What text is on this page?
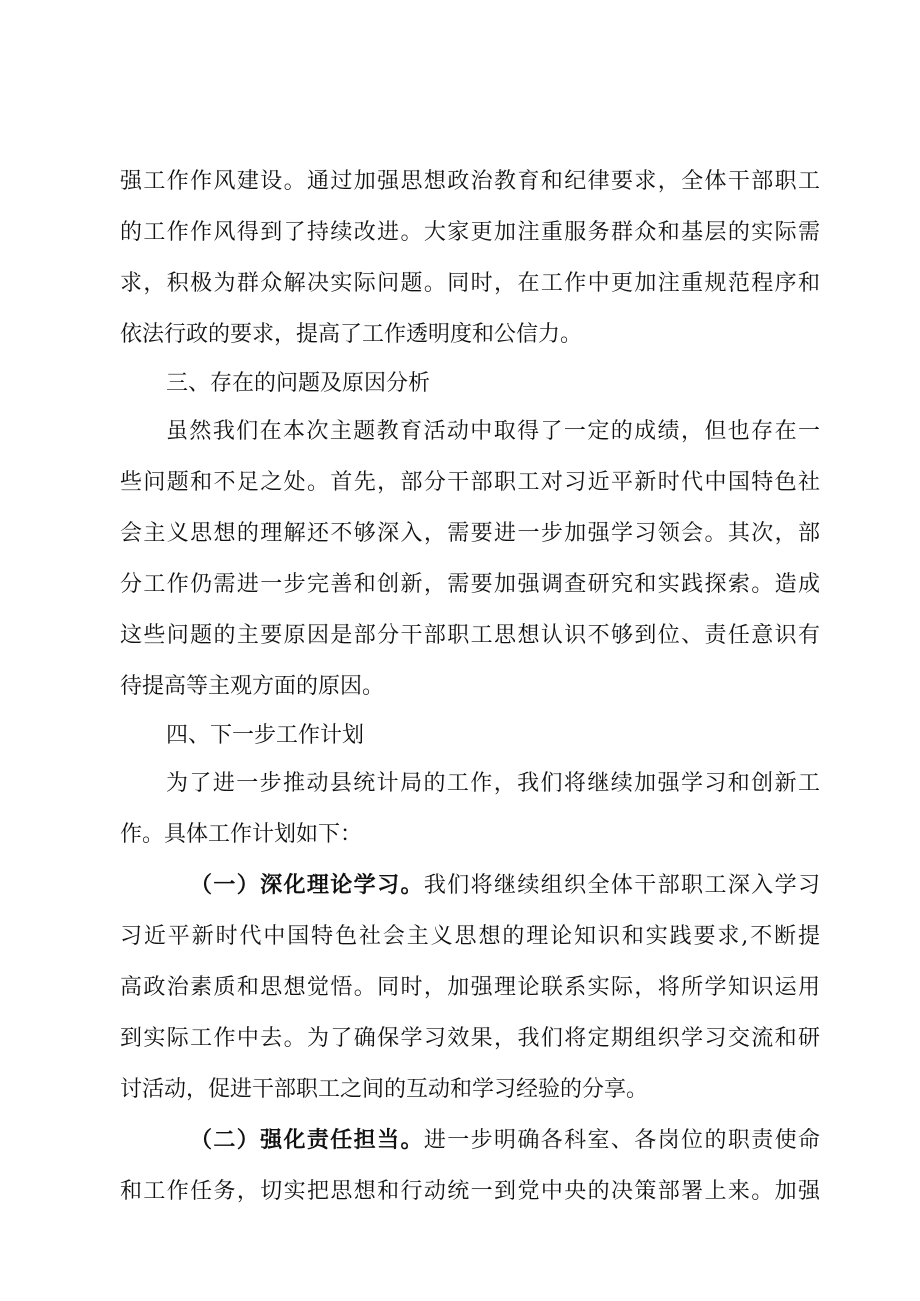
强工作作风建设。通过加强思想政治教育和纪律要求，全体干部职工
的工作作风得到了持续改进。大家更加注重服务群众和基层的实际需
求，积极为群众解决实际问题。同时，在工作中更加注重规范程序和
依法行政的要求，提高了工作透明度和公信力。
三、存在的问题及原因分析
虽然我们在本次主题教育活动中取得了一定的成绩，但也存在一
些问题和不足之处。首先，部分干部职工对习近平新时代中国特色社
会主义思想的理解还不够深入，需要进一步加强学习领会。其次，部
分工作仍需进一步完善和创新，需要加强调查研究和实践探索。造成
这些问题的主要原因是部分干部职工思想认识不够到位、责任意识有
待提高等主观方面的原因。
四、下一步工作计划
为了进一步推动县统计局的工作，我们将继续加强学习和创新工
作。具体工作计划如下：
（一）深化理论学习。我们将继续组织全体干部职工深入学习
习近平新时代中国特色社会主义思想的理论知识和实践要求,不断提
高政治素质和思想觉悟。同时，加强理论联系实际，将所学知识运用
到实际工作中去。为了确保学习效果，我们将定期组织学习交流和研
讨活动，促进干部职工之间的互动和学习经验的分享。
（二）强化责任担当。进一步明确各科室、各岗位的职责使命
和工作任务，切实把思想和行动统一到党中央的决策部署上来。加强
